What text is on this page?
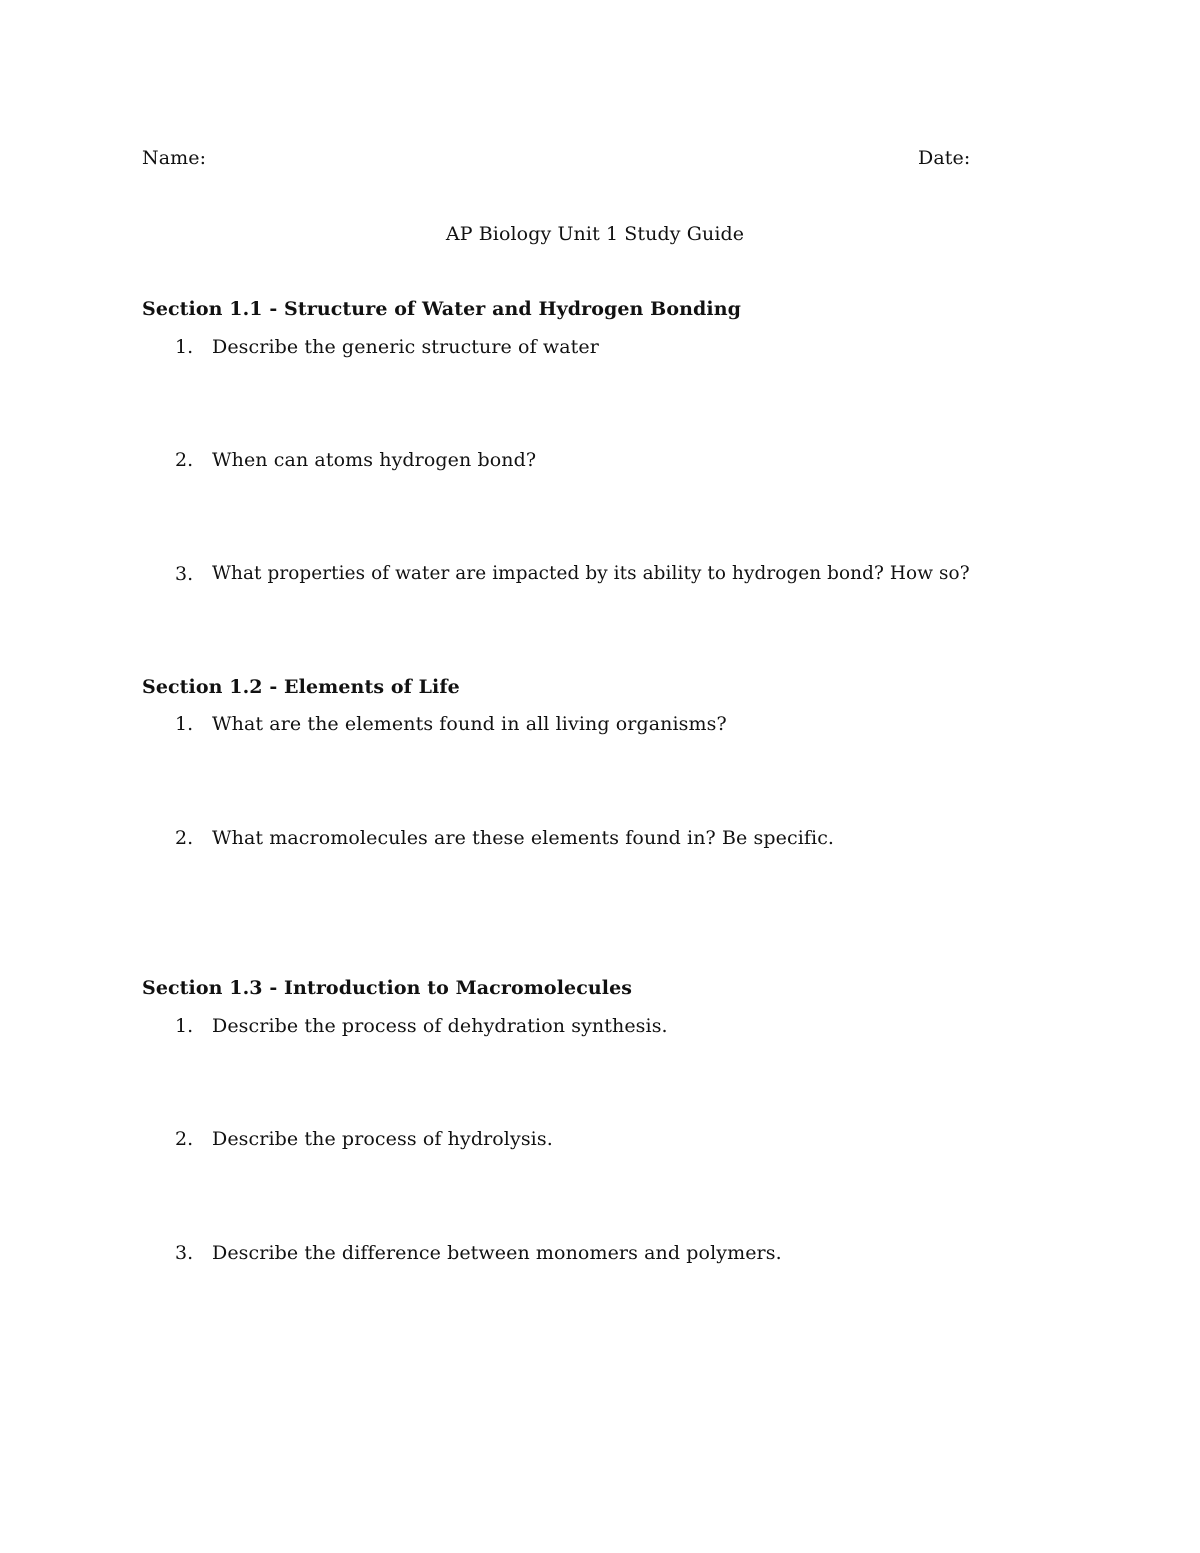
Name:	Date:
AP Biology Unit 1 Study Guide
Section 1.1 - Structure of Water and Hydrogen Bonding
1. Describe the generic structure of water
2. When can atoms hydrogen bond?
3. What properties of water are impacted by its ability to hydrogen bond? How so?
Section 1.2 - Elements of Life
1. What are the elements found in all living organisms?
2. What macromolecules are these elements found in? Be specific.
Section 1.3 - Introduction to Macromolecules
1. Describe the process of dehydration synthesis.
2. Describe the process of hydrolysis.
3. Describe the difference between monomers and polymers.
